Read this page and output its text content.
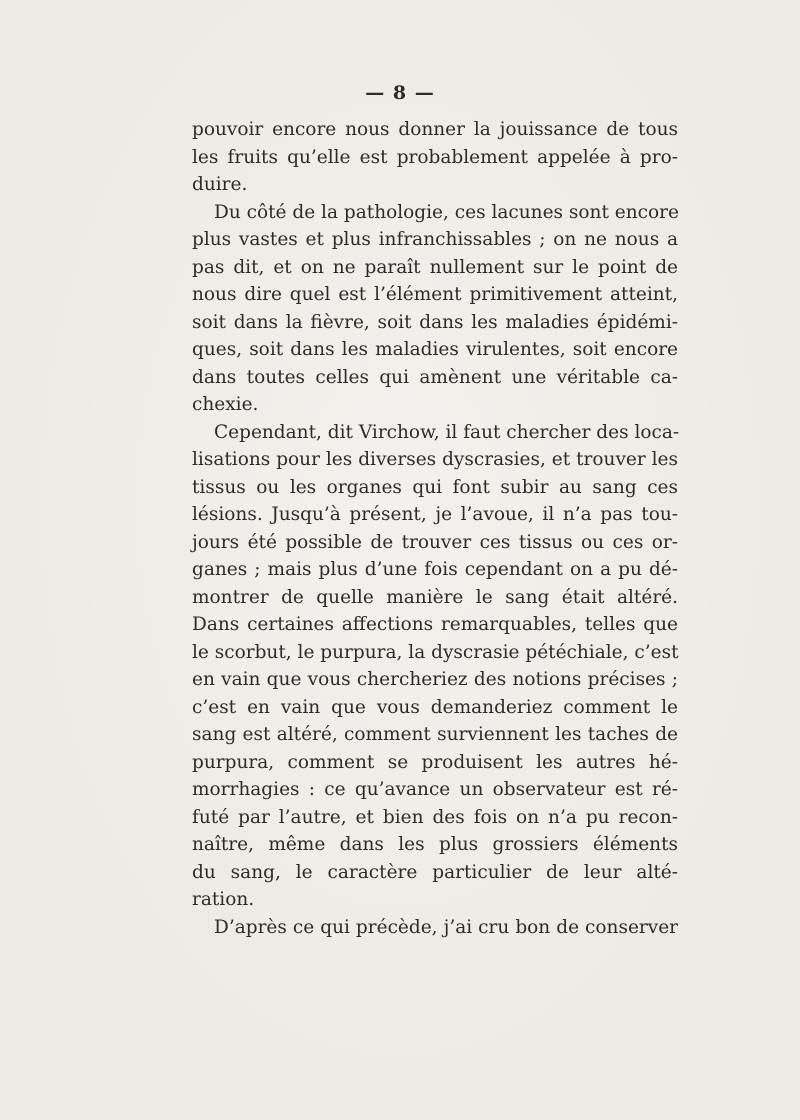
— 8 —
pouvoir encore nous donner la jouissance de tous
les fruits qu’elle est probablement appelée à pro-
duire.
Du côté de la pathologie, ces lacunes sont encore
plus vastes et plus infranchissables ; on ne nous a
pas dit, et on ne paraît nullement sur le point de
nous dire quel est l’élément primitivement atteint,
soit dans la fièvre, soit dans les maladies épidémi-
ques, soit dans les maladies virulentes, soit encore
dans toutes celles qui amènent une véritable ca-
chexie.
Cependant, dit Virchow, il faut chercher des loca-
lisations pour les diverses dyscrasies, et trouver les
tissus ou les organes qui font subir au sang ces
lésions. Jusqu’à présent, je l’avoue, il n’a pas tou-
jours été possible de trouver ces tissus ou ces or-
ganes ; mais plus d’une fois cependant on a pu dé-
montrer de quelle manière le sang était altéré.
Dans certaines affections remarquables, telles que
le scorbut, le purpura, la dyscrasie pétéchiale, c’est
en vain que vous chercheriez des notions précises ;
c’est en vain que vous demanderiez comment le
sang est altéré, comment surviennent les taches de
purpura, comment se produisent les autres hé-
morrhagies : ce qu’avance un observateur est ré-
futé par l’autre, et bien des fois on n’a pu recon-
naître, même dans les plus grossiers éléments
du sang, le caractère particulier de leur alté-
ration.
D’après ce qui précède, j’ai cru bon de conserver
